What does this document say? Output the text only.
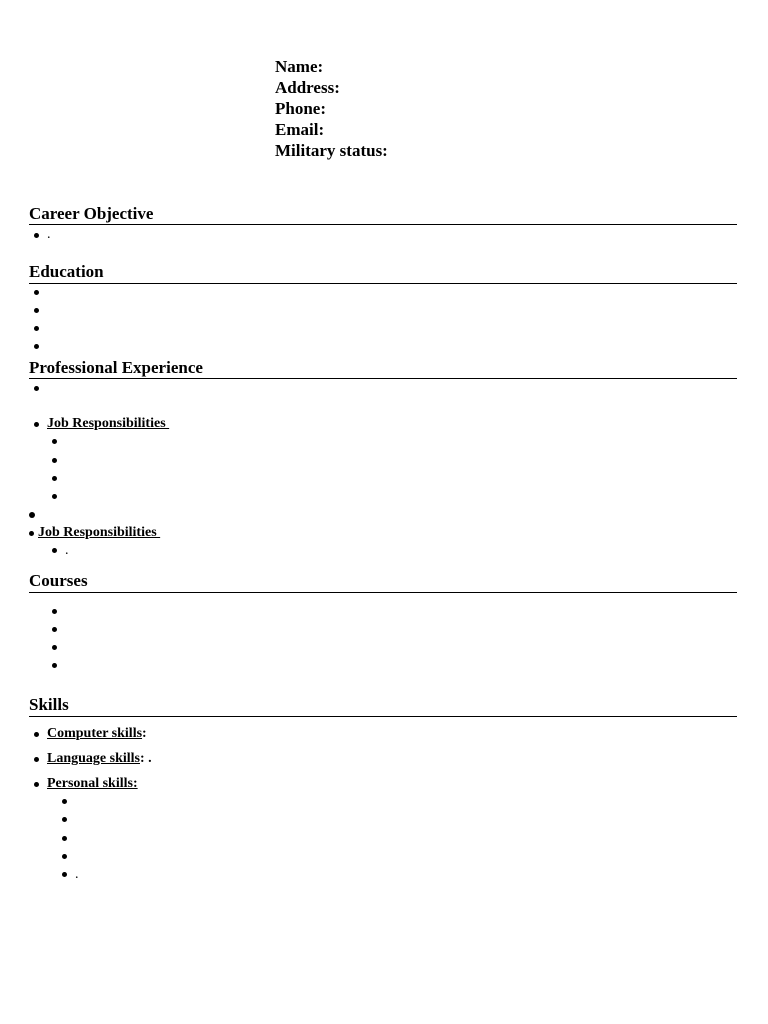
Name:
Address:
Phone:
Email:
Military status:
Career Objective
.
Education
Professional Experience
Job Responsibilities
Job Responsibilities
.
Courses
Skills
Computer skills:
Language skills: .
Personal skills:
.
